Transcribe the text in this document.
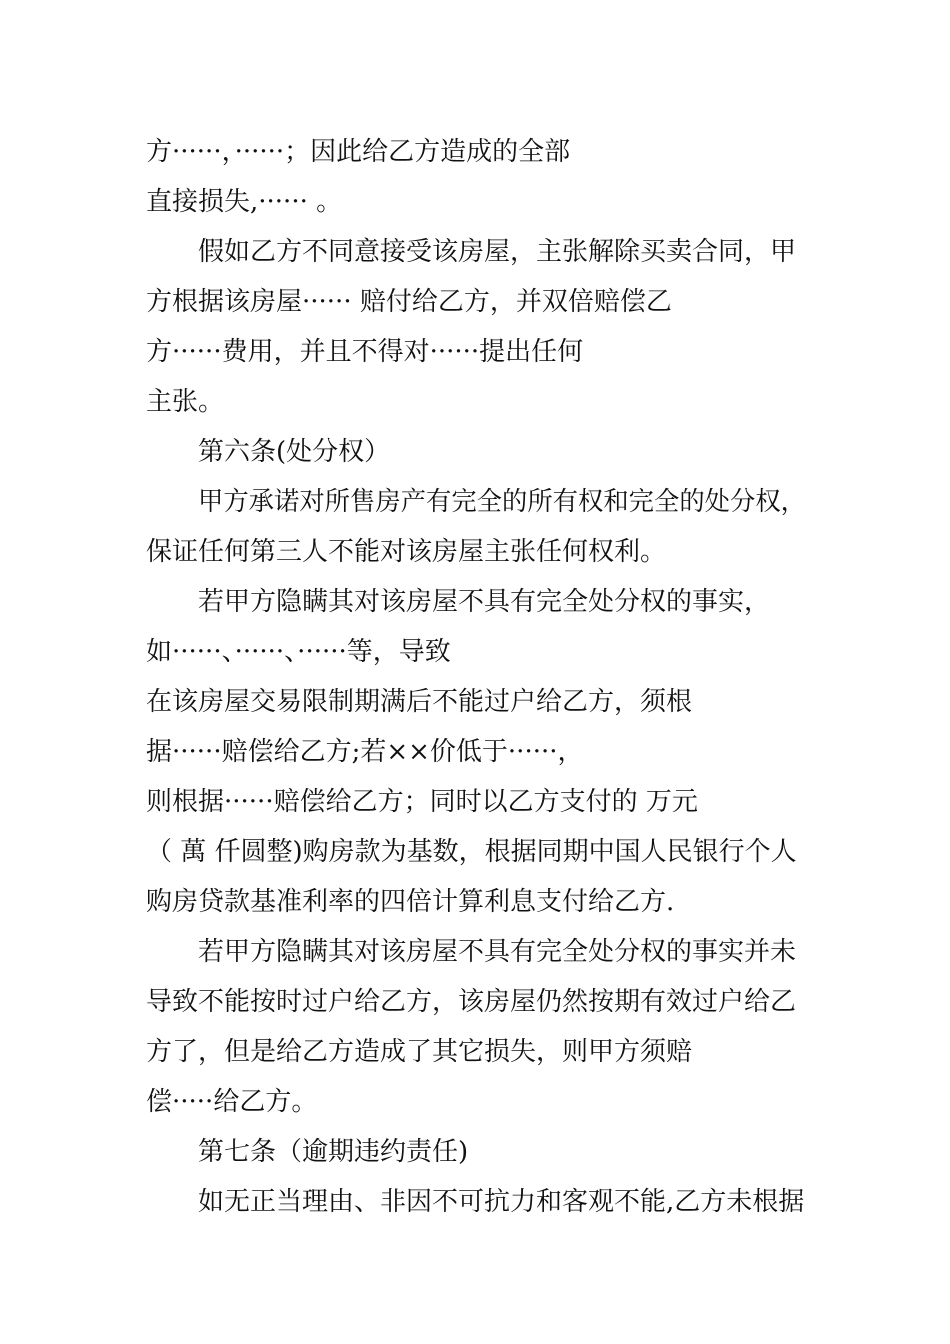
方······，······；因此给乙方造成的全部
直接损失,······ 。
假如乙方不同意接受该房屋，主张解除买卖合同，甲
方根据该房屋······ 赔付给乙方，并双倍赔偿乙
方······费用，并且不得对······提出任何
主张。
第六条(处分权）
甲方承诺对所售房产有完全的所有权和完全的处分权，
保证任何第三人不能对该房屋主张任何权利。
若甲方隐瞒其对该房屋不具有完全处分权的事实，
如······、······、······等，导致
在该房屋交易限制期满后不能过户给乙方，须根
据······赔偿给乙方;若××价低于······，
则根据······赔偿给乙方；同时以乙方支付的 万元
（ 萬 仟圆整)购房款为基数，根据同期中国人民银行个人
购房贷款基准利率的四倍计算利息支付给乙方.
若甲方隐瞒其对该房屋不具有完全处分权的事实并未
导致不能按时过户给乙方，该房屋仍然按期有效过户给乙
方了，但是给乙方造成了其它损失，则甲方须赔
偿·····给乙方。
第七条（逾期违约责任)
如无正当理由、非因不可抗力和客观不能,乙方未根据
